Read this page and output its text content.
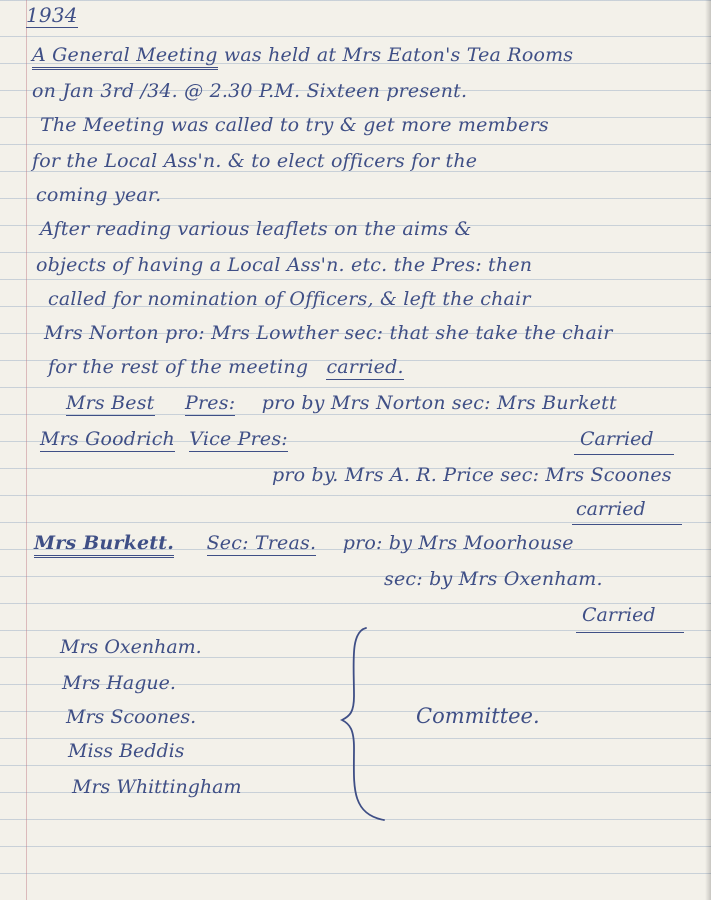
1934
A General Meeting was held at Mrs Eaton's Tea Rooms
on Jan 3rd /34. @ 2.30 P.M. Sixteen present.
The Meeting was called to try & get more members
for the Local Ass'n. & to elect officers for the
coming year.
After reading various leaflets on the aims &
objects of having a Local Ass'n. etc. the Pres: then
called for nomination of Officers, & left the chair
Mrs Norton pro: Mrs Lowther sec: that she take the chair
for the rest of the meeting carried.
Mrs Best Pres: pro by Mrs Norton sec: Mrs Burkett
Mrs Goodrich Vice Pres:	Carried
pro by. Mrs A. R. Price sec: Mrs Scoones
carried
Mrs Burkett. Sec: Treas. pro: by Mrs Moorhouse
sec: by Mrs Oxenham.
Carried
Mrs Oxenham.
Mrs Hague.
Mrs Scoones.
Miss Beddis
Mrs Whittingham
Committee.
